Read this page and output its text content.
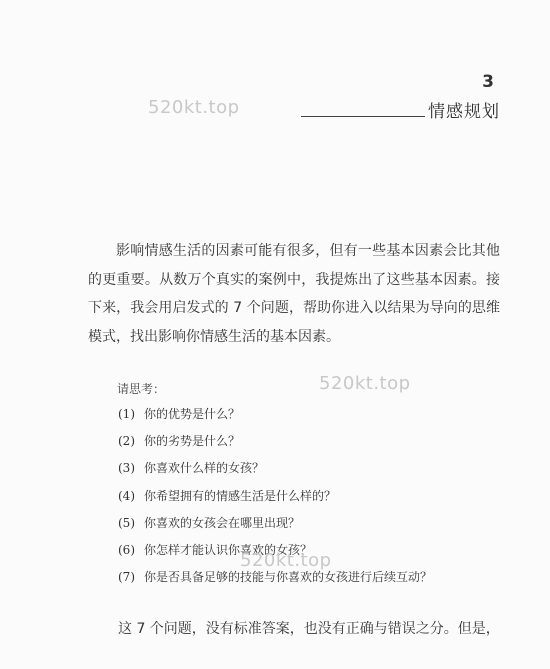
3
情感规划
520kt.top

影响情感生活的因素可能有很多，但有一些基本因素会比其他的更重要。从数万个真实的案例中，我提炼出了这些基本因素。接下来，我会用启发式的 7 个问题，帮助你进入以结果为导向的思维模式，找出影响你情感生活的基本因素。

请思考：	520kt.top
(1) 你的优势是什么？
(2) 你的劣势是什么？
(3) 你喜欢什么样的女孩？
(4) 你希望拥有的情感生活是什么样的？
(5) 你喜欢的女孩会在哪里出现？
(6) 你怎样才能认识你喜欢的女孩？
(7) 你是否具备足够的技能与你喜欢的女孩进行后续互动？
520kt.top
这 7 个问题，没有标准答案，也没有正确与错误之分。但是，
